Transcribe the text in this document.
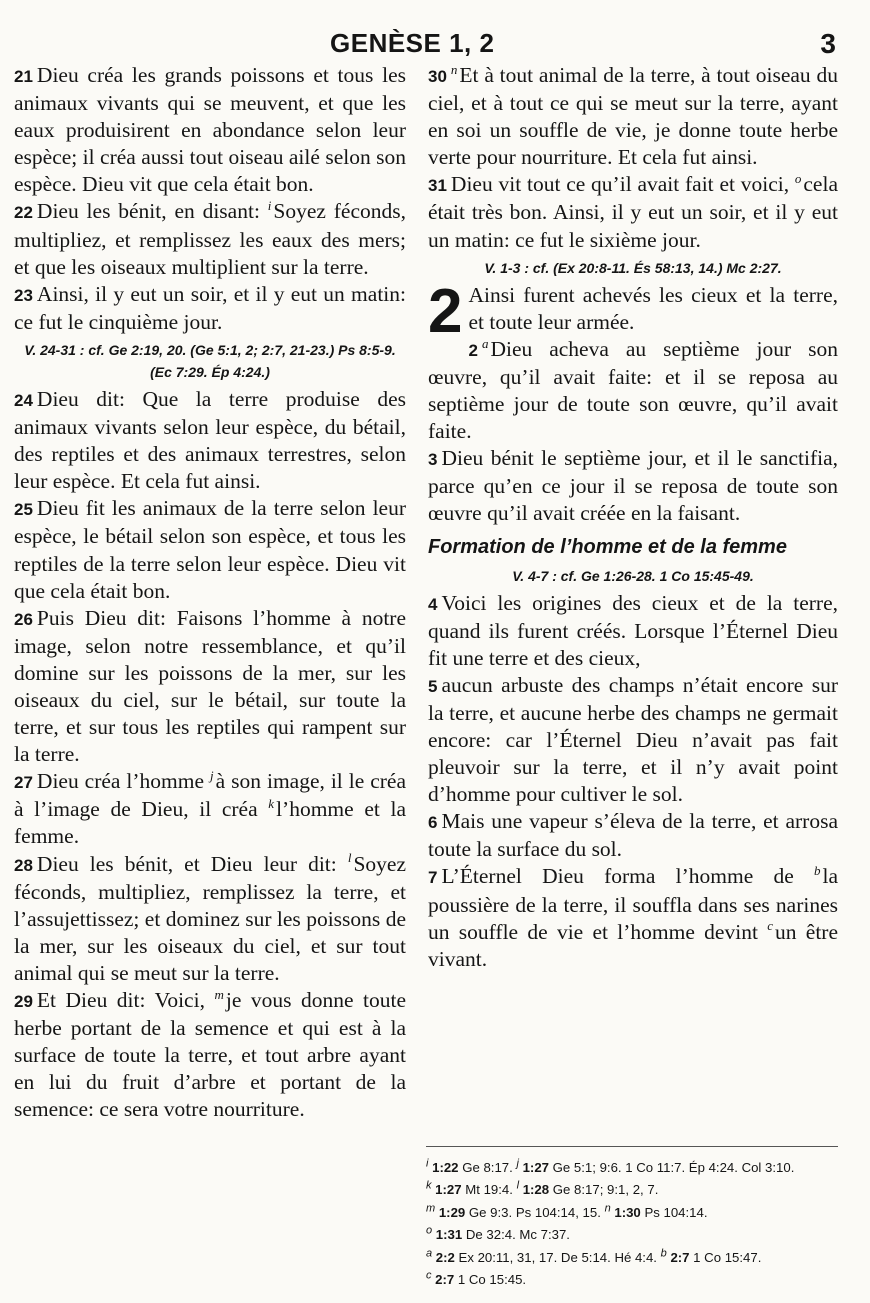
GENÈSE 1, 2	3

21 Dieu créa les grands poissons et tous les animaux vivants qui se meuvent, et que les eaux produisirent en abondance selon leur espèce; il créa aussi tout oiseau ailé selon son espèce. Dieu vit que cela était bon.

22 Dieu les bénit, en disant: $^i$Soyez féconds, multipliez, et remplissez les eaux des mers; et que les oiseaux multiplient sur la terre.

23 Ainsi, il y eut un soir, et il y eut un matin: ce fut le cinquième jour.

V. 24-31 : cf. Ge 2:19, 20. (Ge 5:1, 2; 2:7, 21-23.) Ps 8:5-9. (Ec 7:29. Ép 4:24.)

24 Dieu dit: Que la terre produise des animaux vivants selon leur espèce, du bétail, des reptiles et des animaux terrestres, selon leur espèce. Et cela fut ainsi.

25 Dieu fit les animaux de la terre selon leur espèce, le bétail selon son espèce, et tous les reptiles de la terre selon leur espèce. Dieu vit que cela était bon.

26 Puis Dieu dit: Faisons l’homme à notre image, selon notre ressemblance, et qu’il domine sur les poissons de la mer, sur les oiseaux du ciel, sur le bétail, sur toute la terre, et sur tous les reptiles qui rampent sur la terre.

27 Dieu créa l’homme $^j$à son image, il le créa à l’image de Dieu, il créa $^k$l’homme et la femme.

28 Dieu les bénit, et Dieu leur dit: $^l$Soyez féconds, multipliez, remplissez la terre, et l’assujettissez; et dominez sur les poissons de la mer, sur les oiseaux du ciel, et sur tout animal qui se meut sur la terre.

29 Et Dieu dit: Voici, $^m$je vous donne toute herbe portant de la semence et qui est à la surface de toute la terre, et tout arbre ayant en lui du fruit d’arbre et portant de la semence: ce sera votre nourriture.

30 $^n$Et à tout animal de la terre, à tout oiseau du ciel, et à tout ce qui se meut sur la terre, ayant en soi un souffle de vie, je donne toute herbe verte pour nourriture. Et cela fut ainsi.

31 Dieu vit tout ce qu’il avait fait et voici, $^o$cela était très bon. Ainsi, il y eut un soir, et il y eut un matin: ce fut le sixième jour.

V. 1-3 : cf. (Ex 20:8-11. És 58:13, 14.) Mc 2:27.

2 Ainsi furent achevés les cieux et la terre, et toute leur armée.

2 $^a$Dieu acheva au septième jour son œuvre, qu’il avait faite: et il se reposa au septième jour de toute son œuvre, qu’il avait faite.

3 Dieu bénit le septième jour, et il le sanctifia, parce qu’en ce jour il se reposa de toute son œuvre qu’il avait créée en la faisant.

Formation de l’homme et de la femme
V. 4-7 : cf. Ge 1:26-28. 1 Co 15:45-49.

4 Voici les origines des cieux et de la terre, quand ils furent créés. Lorsque l’Éternel Dieu fit une terre et des cieux,

5 aucun arbuste des champs n’était encore sur la terre, et aucune herbe des champs ne germait encore: car l’Éternel Dieu n’avait pas fait pleuvoir sur la terre, et il n’y avait point d’homme pour cultiver le sol.

6 Mais une vapeur s’éleva de la terre, et arrosa toute la surface du sol.

7 L’Éternel Dieu forma l’homme de $^b$la poussière de la terre, il souffla dans ses narines un souffle de vie et l’homme devint $^c$un être vivant.

$^i$ 1:22 Ge 8:17. $^j$ 1:27 Ge 5:1; 9:6. 1 Co 11:7. Ép 4:24. Col 3:10.
$^k$ 1:27 Mt 19:4. $^l$ 1:28 Ge 8:17; 9:1, 2, 7.
$^m$ 1:29 Ge 9:3. Ps 104:14, 15. $^n$ 1:30 Ps 104:14.
$^o$ 1:31 De 32:4. Mc 7:37.
$^a$ 2:2 Ex 20:11, 31, 17. De 5:14. Hé 4:4. $^b$ 2:7 1 Co 15:47.
$^c$ 2:7 1 Co 15:45.
